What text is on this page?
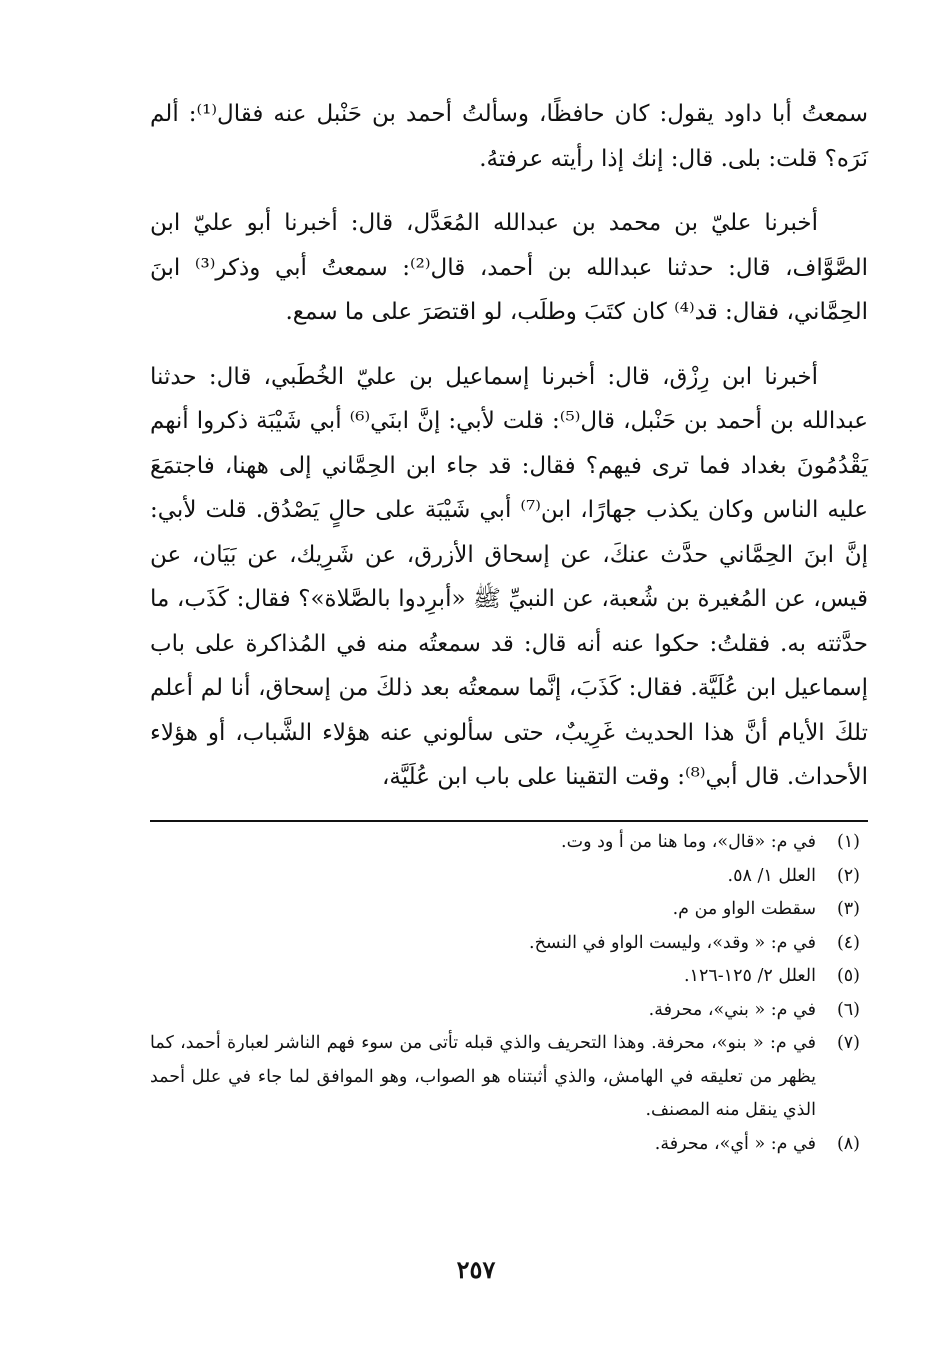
سمعتُ أبا داود يقول: كان حافظًا، وسألتُ أحمد بن حَنْبل عنه فقال⁽¹⁾: ألم نَرَه؟ قلت: بلى. قال: إنك إذا رأيته عرفتهُ.

أخبرنا عليّ بن محمد بن عبدالله المُعَدَّل، قال: أخبرنا أبو عليّ ابن الصَّوَّاف، قال: حدثنا عبدالله بن أحمد، قال⁽²⁾: سمعتُ أبي وذكر⁽³⁾ ابنَ الحِمَّاني، فقال: قد⁽⁴⁾ كان كتَبَ وطلَب، لو اقتصَرَ على ما سمع.

أخبرنا ابن رِزْق، قال: أخبرنا إسماعيل بن عليّ الخُطَبي، قال: حدثنا عبدالله بن أحمد بن حَنْبل، قال⁽⁵⁾: قلت لأبي: إنَّ ابنَي⁽⁶⁾ أبي شَيْبَة ذكروا أنهم يَقْدُمُونَ بغداد فما ترى فيهم؟ فقال: قد جاء ابن الحِمَّاني إلى ههنا، فاجتمَعَ عليه الناس وكان يكذب جهارًا، ابن⁽⁷⁾ أبي شَيْبَة على حالٍ يَصْدُق. قلت لأبي: إنَّ ابنَ الحِمَّاني حدَّث عنكَ، عن إسحاق الأزرق، عن شَرِيك، عن بَيَان، عن قيس، عن المُغيرة بن شُعبة، عن النبيِّ ﷺ «أبرِدوا بالصَّلاة»؟ فقال: كَذَب، ما حدَّثته به. فقلتُ: حكوا عنه أنه قال: قد سمعتُه منه في المُذاكرة على باب إسماعيل ابن عُلَيَّة. فقال: كَذَبَ، إنَّما سمعتُه بعد ذلكَ من إسحاق، أنا لم أعلم تلكَ الأيام أنَّ هذا الحديث غَرِيبٌ، حتى سألوني عنه هؤلاء الشَّباب، أو هؤلاء الأحداث. قال أبي⁽⁸⁾: وقت التقينا على باب ابن عُلَيَّة،

(١)
في م: «قال»، وما هنا من أ ود وت.
(٢)
العلل ١/ ٥٨.
(٣)
سقطت الواو من م.
(٤)
في م: « وقد»، وليست الواو في النسخ.
(٥)
العلل ٢/ ١٢٥-١٢٦.
(٦)
في م: « بني»، محرفة.
(٧)
في م: « بنو»، محرفة. وهذا التحريف والذي قبله تأتى من سوء فهم الناشر لعبارة أحمد، كما يظهر من تعليقه في الهامش، والذي أثبتناه هو الصواب، وهو الموافق لما جاء في علل أحمد الذي ينقل منه المصنف.
(٨)
في م: « أي»، محرفة.
٢٥٧
